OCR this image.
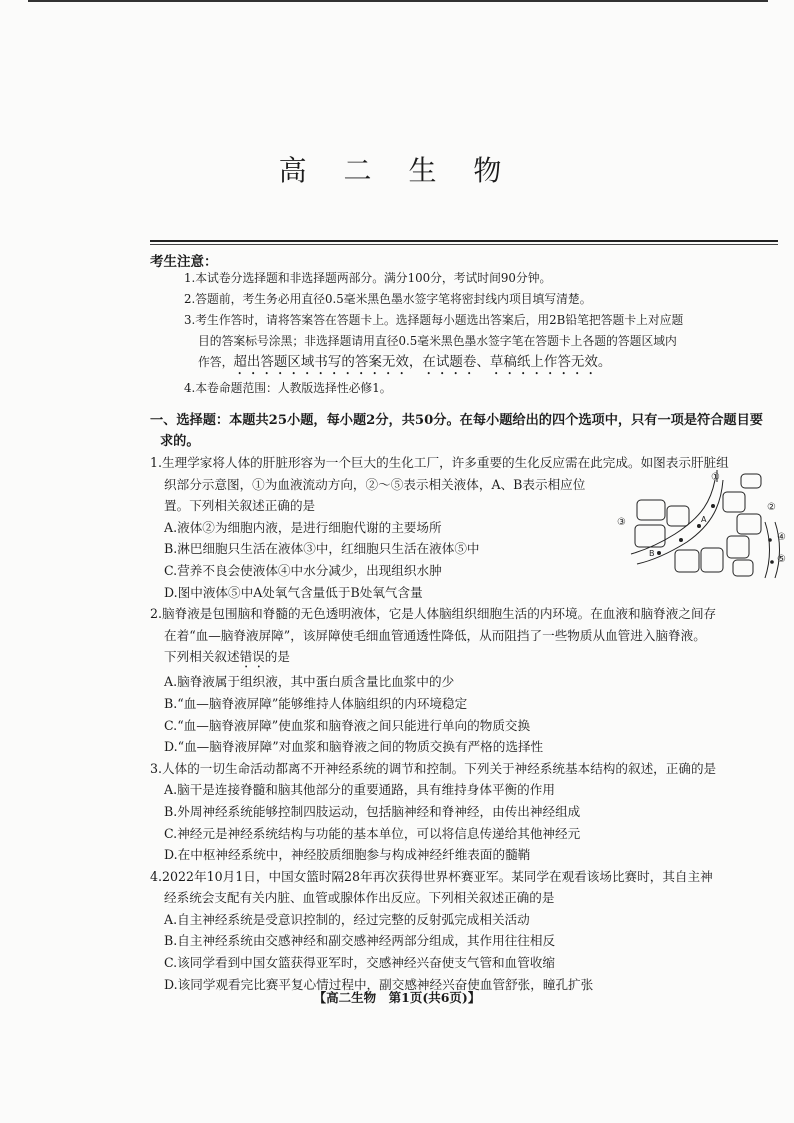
高 二 生 物
考生注意：

1.本试卷分选择题和非选择题两部分。满分100分，考试时间90分钟。

2.答题前，考生务必用直径0.5毫米黑色墨水签字笔将密封线内项目填写清楚。

3.考生作答时，请将答案答在答题卡上。选择题每小题选出答案后，用2B铅笔把答题卡上对应题

目的答案标号涂黑；非选择题请用直径0.5毫米黑色墨水签字笔在答题卡上各题的答题区域内

作答，超出答题区域书写的答案无效，在试题卷、草稿纸上作答无效。

4.本卷命题范围：人教版选择性必修1。

一、选择题：本题共25小题，每小题2分，共50分。在每小题给出的四个选项中，只有一项是符合题目要
求的。

1.生理学家将人体的肝脏形容为一个巨大的生化工厂，许多重要的生化反应需在此完成。如图表示肝脏组

织部分示意图，①为血液流动方向，②～⑤表示相关液体，A、B表示相应位

置。下列相关叙述正确的是

A.液体②为细胞内液，是进行细胞代谢的主要场所

B.淋巴细胞只生活在液体③中，红细胞只生活在液体⑤中

C.营养不良会使液体④中水分减少，出现组织水肿

D.图中液体⑤中A处氧气含量低于B处氧气含量

2.脑脊液是包围脑和脊髓的无色透明液体，它是人体脑组织细胞生活的内环境。在血液和脑脊液之间存

在着“血—脑脊液屏障”，该屏障使毛细血管通透性降低，从而阻挡了一些物质从血管进入脑脊液。

下列相关叙述错误的是

A.脑脊液属于组织液，其中蛋白质含量比血浆中的少

B.“血—脑脊液屏障”能够维持人体脑组织的内环境稳定

C.“血—脑脊液屏障”使血浆和脑脊液之间只能进行单向的物质交换

D.“血—脑脊液屏障”对血浆和脑脊液之间的物质交换有严格的选择性

3.人体的一切生命活动都离不开神经系统的调节和控制。下列关于神经系统基本结构的叙述，正确的是

A.脑干是连接脊髓和脑其他部分的重要通路，具有维持身体平衡的作用

B.外周神经系统能够控制四肢运动，包括脑神经和脊神经，由传出神经组成

C.神经元是神经系统结构与功能的基本单位，可以将信息传递给其他神经元

D.在中枢神经系统中，神经胶质细胞参与构成神经纤维表面的髓鞘

4.2022年10月1日，中国女篮时隔28年再次获得世界杯赛亚军。某同学在观看该场比赛时，其自主神

经系统会支配有关内脏、血管或腺体作出反应。下列相关叙述正确的是

A.自主神经系统是受意识控制的，经过完整的反射弧完成相关活动

B.自主神经系统由交感神经和副交感神经两部分组成，其作用往往相反

C.该同学看到中国女篮获得亚军时，交感神经兴奋使支气管和血管收缩

D.该同学观看完比赛平复心情过程中，副交感神经兴奋使血管舒张，瞳孔扩张

①
②
③
④
⑤
A
B
【高二生物　第1页(共6页)】
